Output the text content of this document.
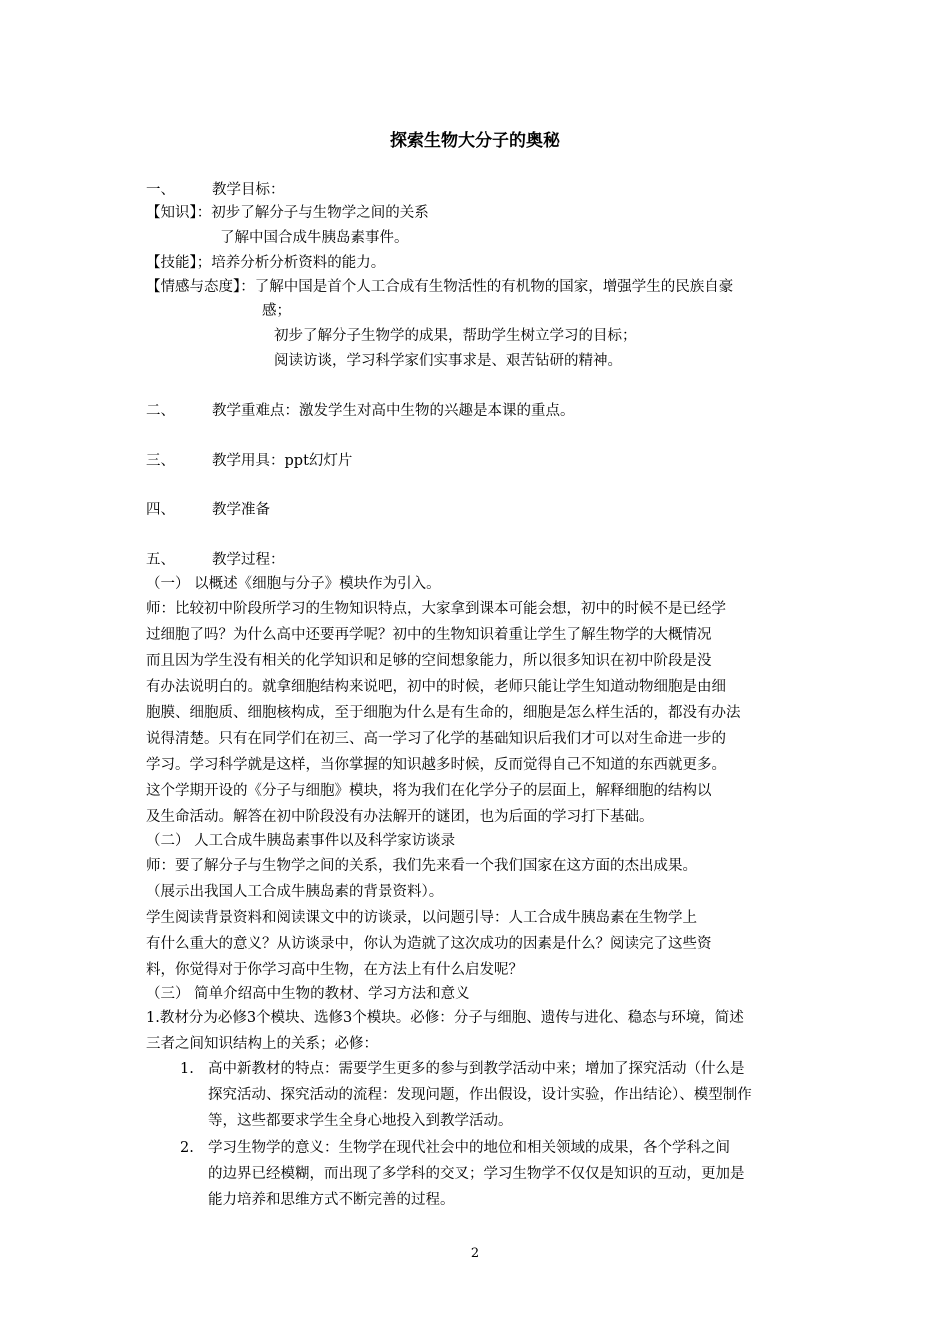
探索生物大分子的奥秘
一、	教学目标：
【知识】：初步了解分子与生物学之间的关系
了解中国合成牛胰岛素事件。
【技能】；培养分析分析资料的能力。
【情感与态度】：了解中国是首个人工合成有生物活性的有机物的国家，增强学生的民族自豪
感；
初步了解分子生物学的成果，帮助学生树立学习的目标；
阅读访谈，学习科学家们实事求是、艰苦钻研的精神。
二、	教学重难点：激发学生对高中生物的兴趣是本课的重点。
三、	教学用具：ppt幻灯片
四、	教学准备
五、	教学过程：
（一） 以概述《细胞与分子》模块作为引入。
师：比较初中阶段所学习的生物知识特点，大家拿到课本可能会想，初中的时候不是已经学
过细胞了吗？为什么高中还要再学呢？初中的生物知识着重让学生了解生物学的大概情况
而且因为学生没有相关的化学知识和足够的空间想象能力，所以很多知识在初中阶段是没
有办法说明白的。就拿细胞结构来说吧，初中的时候，老师只能让学生知道动物细胞是由细
胞膜、细胞质、细胞核构成，至于细胞为什么是有生命的，细胞是怎么样生活的，都没有办法
说得清楚。只有在同学们在初三、高一学习了化学的基础知识后我们才可以对生命进一步的
学习。学习科学就是这样，当你掌握的知识越多时候，反而觉得自己不知道的东西就更多。
这个学期开设的《分子与细胞》模块，将为我们在化学分子的层面上，解释细胞的结构以
及生命活动。解答在初中阶段没有办法解开的谜团，也为后面的学习打下基础。
（二） 人工合成牛胰岛素事件以及科学家访谈录
师：要了解分子与生物学之间的关系，我们先来看一个我们国家在这方面的杰出成果。
（展示出我国人工合成牛胰岛素的背景资料）。
学生阅读背景资料和阅读课文中的访谈录，以问题引导：人工合成牛胰岛素在生物学上
有什么重大的意义？从访谈录中，你认为造就了这次成功的因素是什么？阅读完了这些资
料，你觉得对于你学习高中生物，在方法上有什么启发呢？
（三） 简单介绍高中生物的教材、学习方法和意义
1.教材分为必修3个模块、选修3个模块。必修：分子与细胞、遗传与进化、稳态与环境，简述
三者之间知识结构上的关系；必修：
1. 高中新教材的特点：需要学生更多的参与到教学活动中来；增加了探究活动（什么是
探究活动、探究活动的流程：发现问题，作出假设，设计实验，作出结论）、模型制作
等，这些都要求学生全身心地投入到教学活动。
2. 学习生物学的意义：生物学在现代社会中的地位和相关领域的成果，各个学科之间
的边界已经模糊，而出现了多学科的交叉；学习生物学不仅仅是知识的互动，更加是
能力培养和思维方式不断完善的过程。
2
